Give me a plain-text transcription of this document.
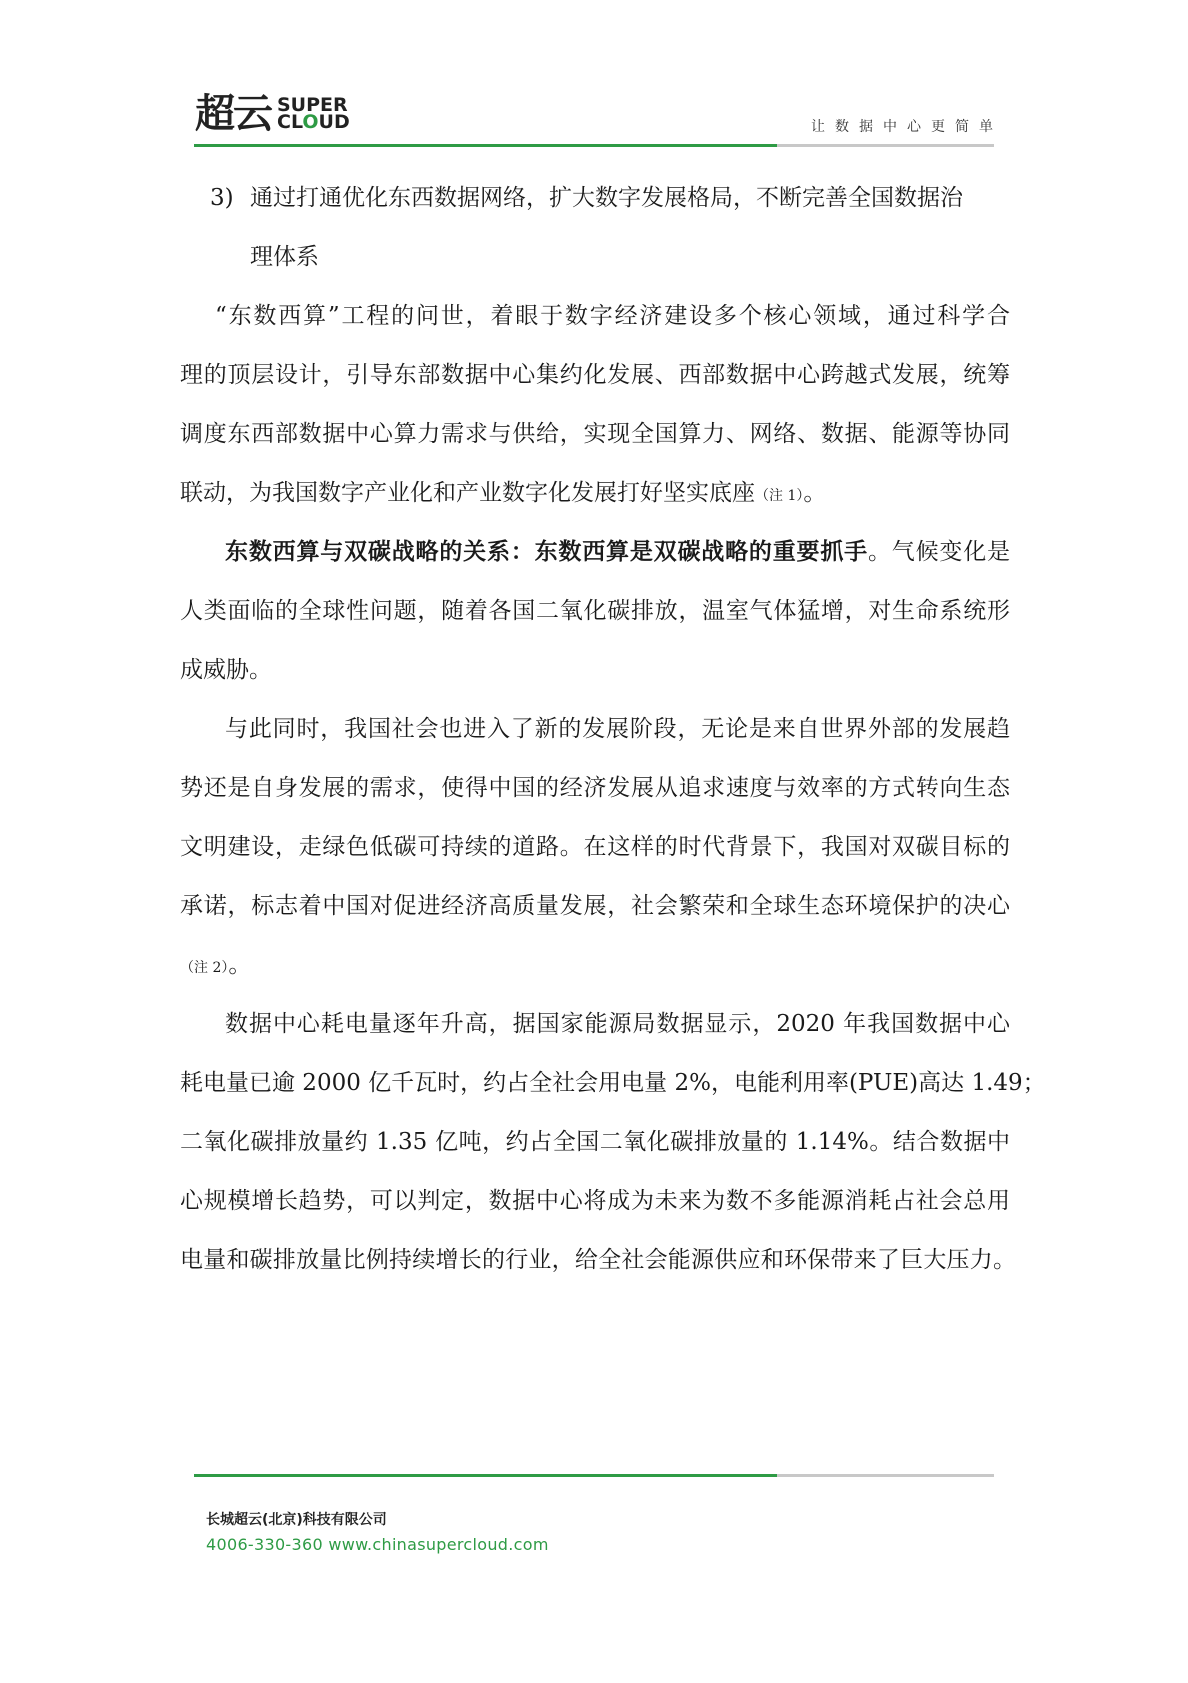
超云 SUPER
CLOUD	让数据中心更简单
3) 通过打通优化东西数据网络，扩大数字发展格局，不断完善全国数据治
理体系
“东数西算”工程的问世，着眼于数字经济建设多个核心领域，通过科学合
理的顶层设计，引导东部数据中心集约化发展、西部数据中心跨越式发展，统筹
调度东西部数据中心算力需求与供给，实现全国算力、网络、数据、能源等协同
联动，为我国数字产业化和产业数字化发展打好坚实底座（注 1）。
东数西算与双碳战略的关系：东数西算是双碳战略的重要抓手。气候变化是
人类面临的全球性问题，随着各国二氧化碳排放，温室气体猛增，对生命系统形
成威胁。
与此同时，我国社会也进入了新的发展阶段，无论是来自世界外部的发展趋
势还是自身发展的需求，使得中国的经济发展从追求速度与效率的方式转向生态
文明建设，走绿色低碳可持续的道路。在这样的时代背景下，我国对双碳目标的
承诺，标志着中国对促进经济高质量发展，社会繁荣和全球生态环境保护的决心
（注 2）。
数据中心耗电量逐年升高，据国家能源局数据显示，2020 年我国数据中心
耗电量已逾 2000 亿千瓦时，约占全社会用电量 2%，电能利用率(PUE)高达 1.49；
二氧化碳排放量约 1.35 亿吨，约占全国二氧化碳排放量的 1.14%。结合数据中
心规模增长趋势，可以判定，数据中心将成为未来为数不多能源消耗占社会总用
电量和碳排放量比例持续增长的行业，给全社会能源供应和环保带来了巨大压力。
长城超云(北京)科技有限公司
4006-330-360 www.chinasupercloud.com
